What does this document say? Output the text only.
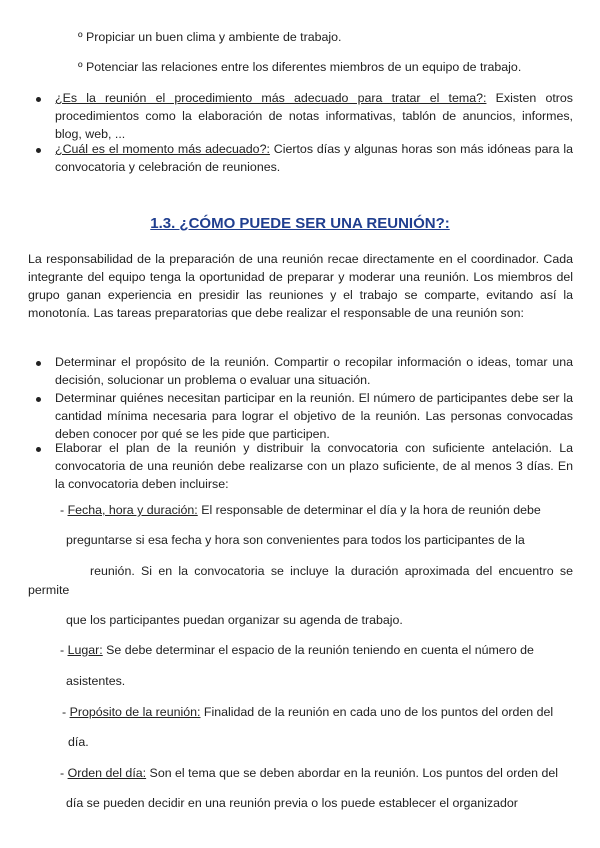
º Propiciar un buen clima y ambiente de trabajo.
º Potenciar las relaciones entre los diferentes miembros de un equipo de trabajo.
¿Es la reunión el procedimiento más adecuado para tratar el tema?: Existen otros procedimientos como la elaboración de notas informativas, tablón de anuncios, informes, blog, web, ...
¿Cuál es el momento más adecuado?: Ciertos días y algunas horas son más idóneas para la convocatoria y celebración de reuniones.
1.3. ¿CÓMO PUEDE SER UNA REUNIÓN?:
La responsabilidad de la preparación de una reunión recae directamente en el coordinador. Cada integrante del equipo tenga la oportunidad de preparar y moderar una reunión. Los miembros del grupo ganan experiencia en presidir las reuniones y el trabajo se comparte, evitando así la monotonía. Las tareas preparatorias que debe realizar el responsable de una reunión son:
Determinar el propósito de la reunión. Compartir o recopilar información o ideas, tomar una decisión, solucionar un problema o evaluar una situación.
Determinar quiénes necesitan participar en la reunión. El número de participantes debe ser la cantidad mínima necesaria para lograr el objetivo de la reunión. Las personas convocadas deben conocer por qué se les pide que participen.
Elaborar el plan de la reunión y distribuir la convocatoria con suficiente antelación. La convocatoria de una reunión debe realizarse con un plazo suficiente, de al menos 3 días. En la convocatoria deben incluirse:
- Fecha, hora y duración: El responsable de determinar el día y la hora de reunión debe
preguntarse si esa fecha y hora son convenientes para todos los participantes de la
reunión. Si en la convocatoria se incluye la duración aproximada del encuentro se
permite
que los participantes puedan organizar su agenda de trabajo.
- Lugar: Se debe determinar el espacio de la reunión teniendo en cuenta el número de
asistentes.
- Propósito de la reunión: Finalidad de la reunión en cada uno de los puntos del orden del
día.
- Orden del día: Son el tema que se deben abordar en la reunión. Los puntos del orden del
día se pueden decidir en una reunión previa o los puede establecer el organizador
